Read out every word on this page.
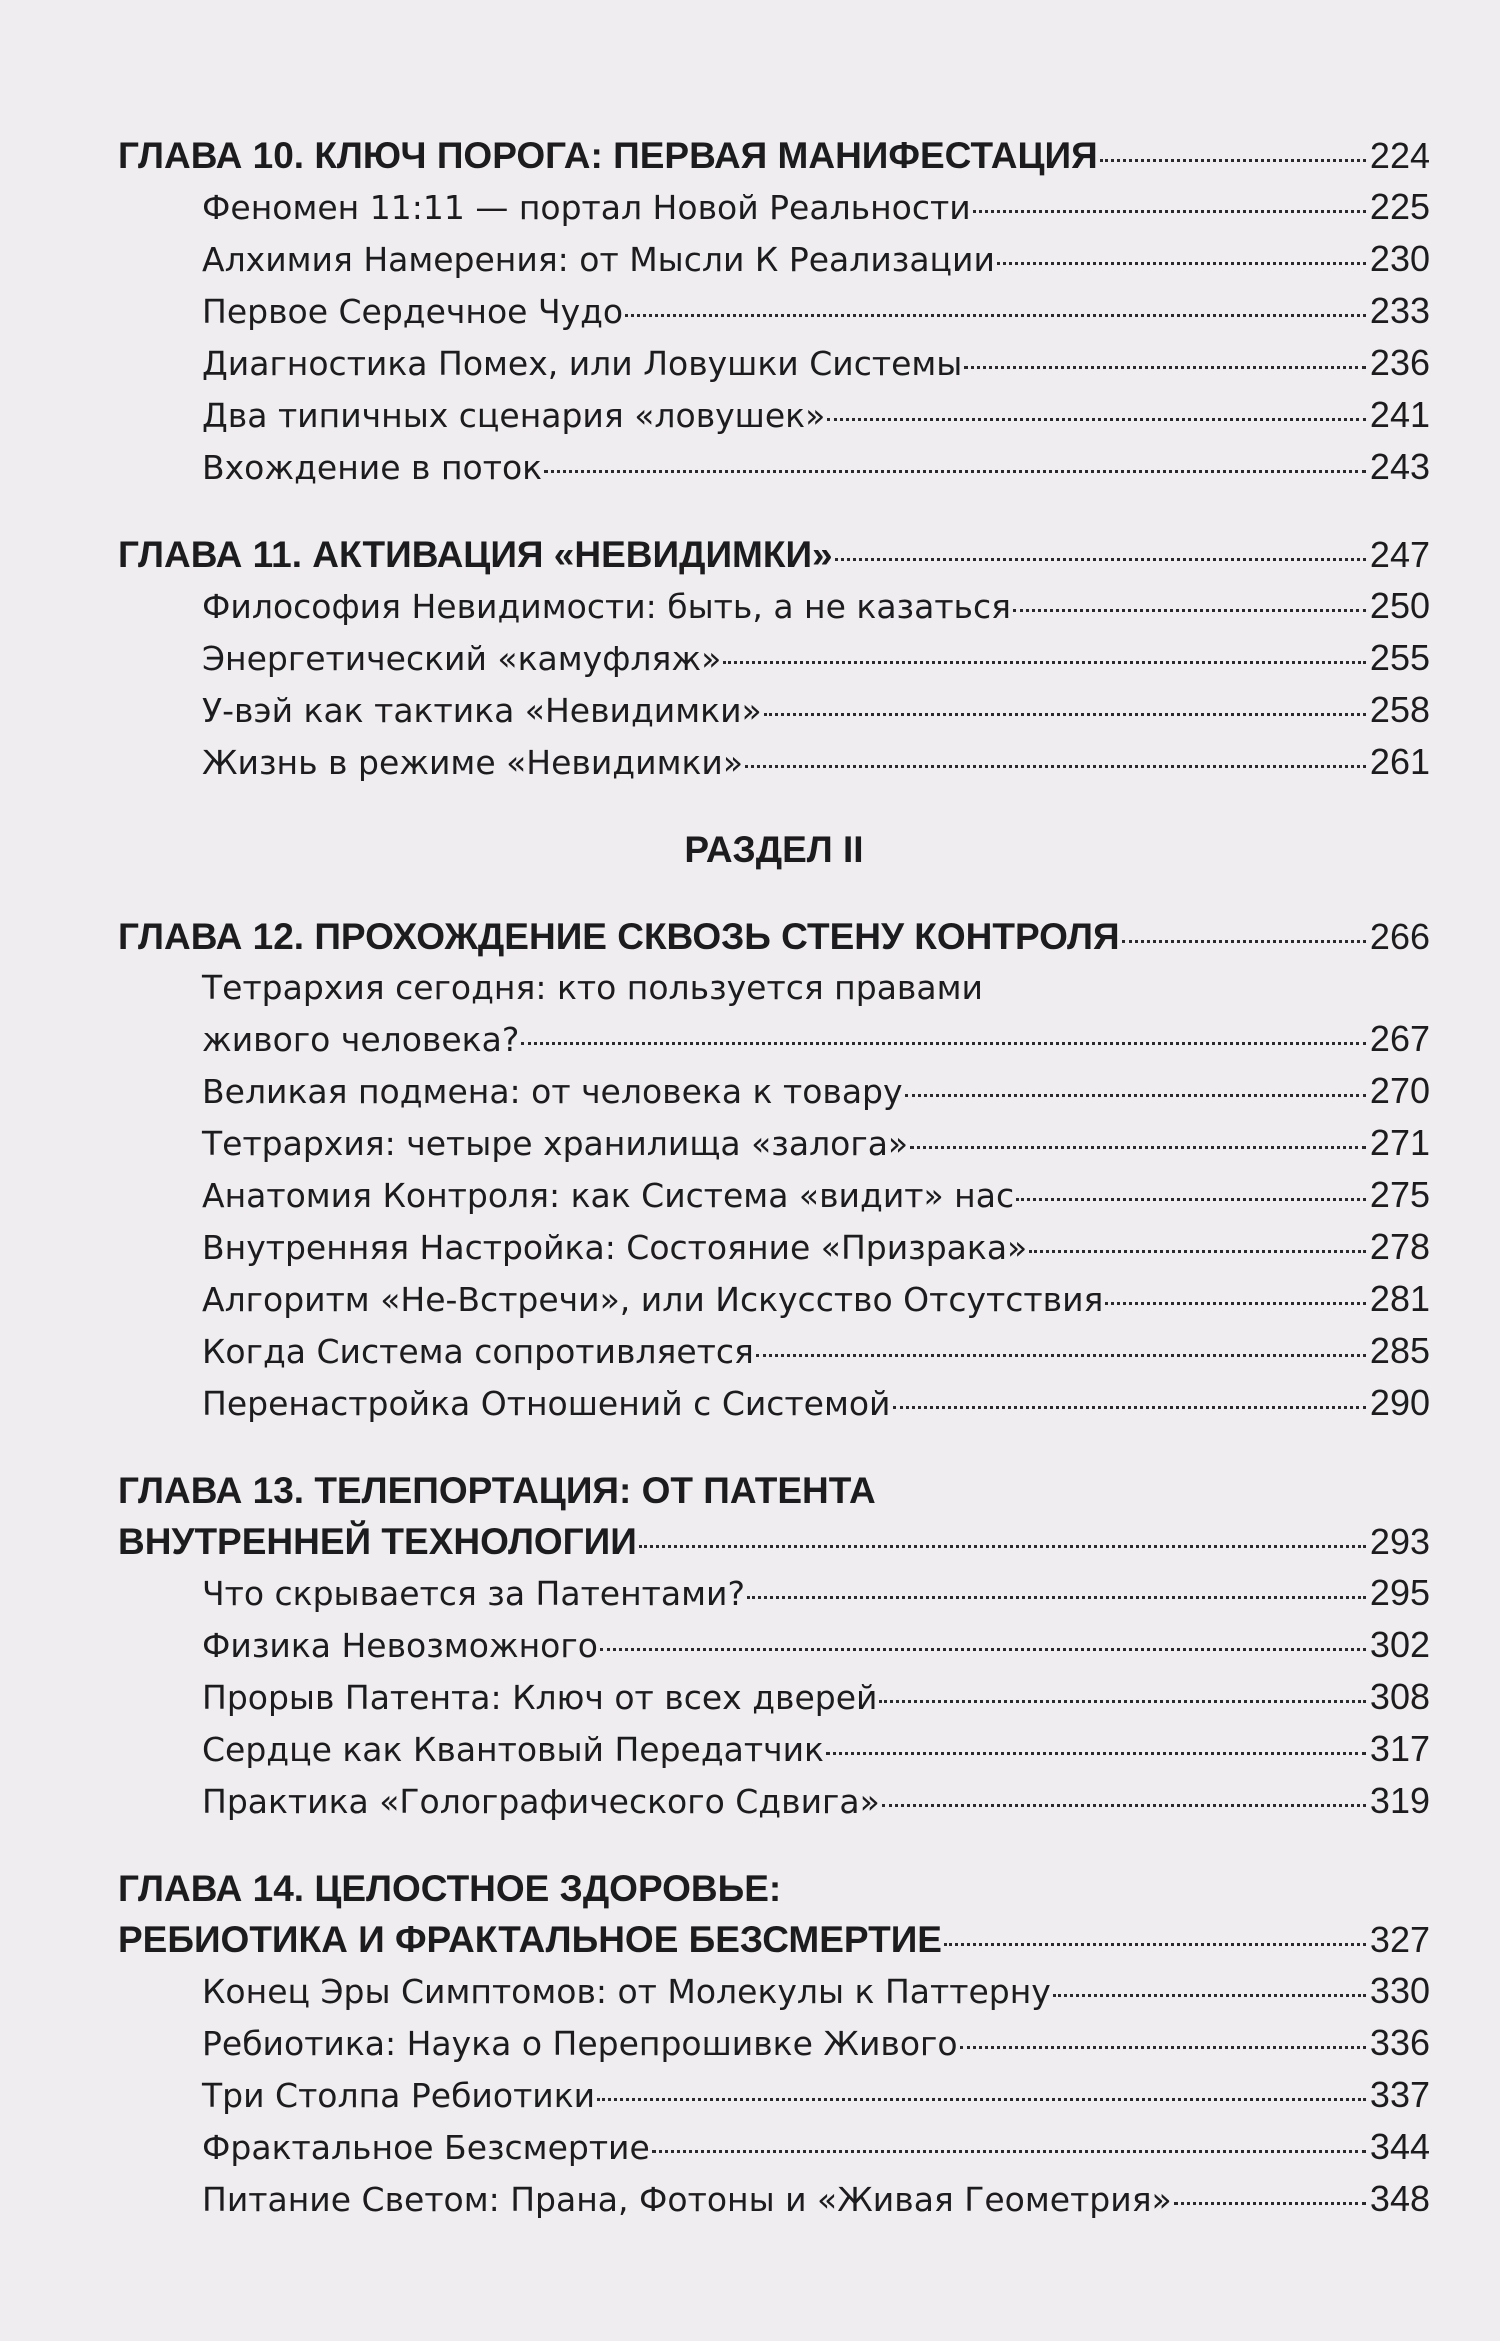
ГЛАВА 10. КЛЮЧ ПОРОГА: ПЕРВАЯ МАНИФЕСТАЦИЯ	224
Феномен 11:11 — портал Новой Реальности	225
Алхимия Намерения: от Мысли К Реализации	230
Первое Сердечное Чудо	233
Диагностика Помех, или Ловушки Системы	236
Два типичных сценария «ловушек»	241
Вхождение в поток	243
ГЛАВА 11. АКТИВАЦИЯ «НЕВИДИМКИ»	247
Философия Невидимости: быть, а не казаться	250
Энергетический «камуфляж»	255
У-вэй как тактика «Невидимки»	258
Жизнь в режиме «Невидимки»	261
РАЗДЕЛ II
ГЛАВА 12. ПРОХОЖДЕНИЕ СКВОЗЬ СТЕНУ КОНТРОЛЯ	266
Тетрархия сегодня: кто пользуется правами
живого человека?	267
Великая подмена: от человека к товару	270
Тетрархия: четыре хранилища «залога»	271
Анатомия Контроля: как Система «видит» нас	275
Внутренняя Настройка: Состояние «Призрака»	278
Алгоритм «Не-Встречи», или Искусство Отсутствия	281
Когда Система сопротивляется	285
Перенастройка Отношений с Системой	290
ГЛАВА 13. ТЕЛЕПОРТАЦИЯ: ОТ ПАТЕНТА
ВНУТРЕННЕЙ ТЕХНОЛОГИИ	293
Что скрывается за Патентами?	295
Физика Невозможного	302
Прорыв Патента: Ключ от всех дверей	308
Сердце как Квантовый Передатчик	317
Практика «Голографического Сдвига»	319
ГЛАВА 14. ЦЕЛОСТНОЕ ЗДОРОВЬЕ:
РЕБИОТИКА И ФРАКТАЛЬНОЕ БЕЗСМЕРТИЕ	327
Конец Эры Симптомов: от Молекулы к Паттерну	330
Ребиотика: Наука о Перепрошивке Живого	336
Три Столпа Ребиотики	337
Фрактальное Безсмертие	344
Питание Светом: Прана, Фотоны и «Живая Геометрия»	348
